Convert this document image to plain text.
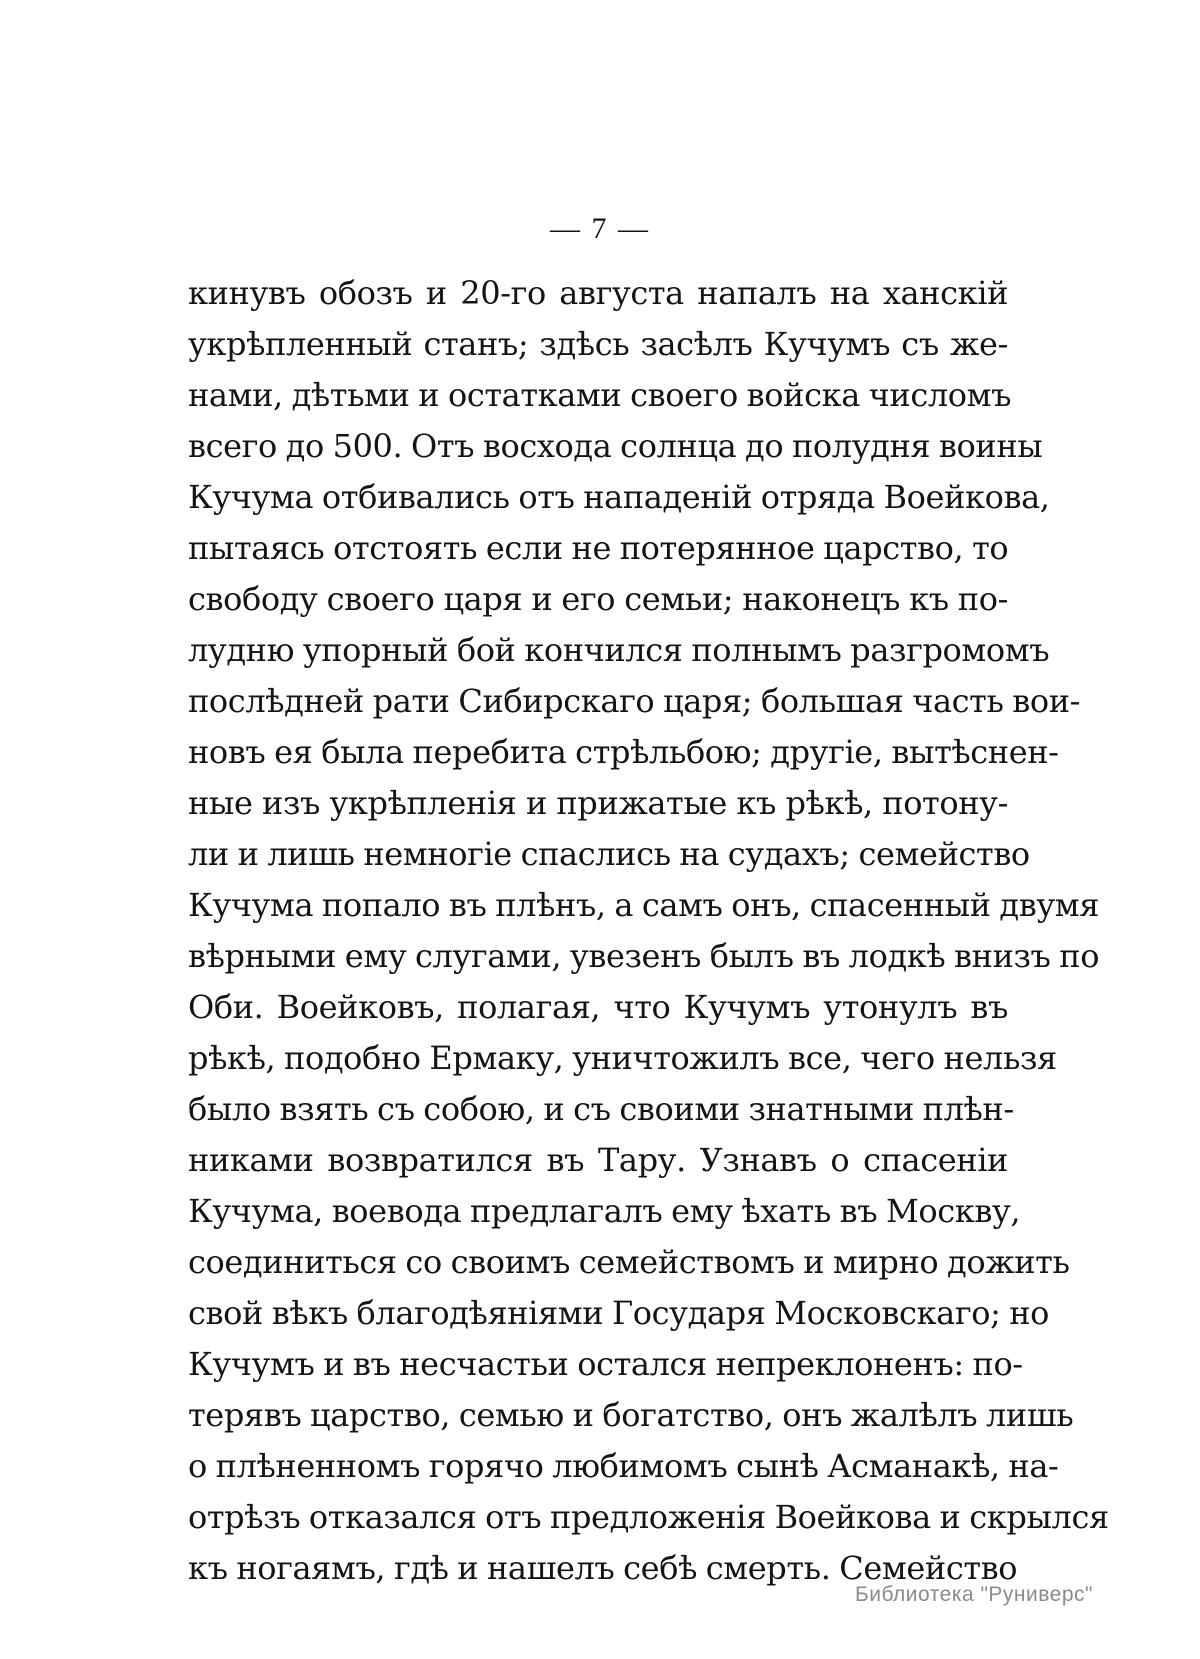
— 7 —
кинувъ обозъ и 20-го августа напалъ на ханскій
укрѣпленный станъ; здѣсь засѣлъ Кучумъ съ же-
нами, дѣтьми и остатками своего войска числомъ
всего до 500. Отъ восхода солнца до полудня воины
Кучума отбивались отъ нападеній отряда Воейкова,
пытаясь отстоять если не потерянное царство, то
свободу своего царя и его семьи; наконецъ къ по-
лудню упорный бой кончился полнымъ разгромомъ
послѣдней рати Сибирскаго царя; большая часть вои-
новъ ея была перебита стрѣльбою; другіе, вытѣснен-
ные изъ укрѣпленія и прижатые къ рѣкѣ, потону-
ли и лишь немногіе спаслись на судахъ; семейство
Кучума попало въ плѣнъ, а самъ онъ, спасенный двумя
вѣрными ему слугами, увезенъ былъ въ лодкѣ внизъ по
Оби. Воейковъ, полагая, что Кучумъ утонулъ въ
рѣкѣ, подобно Ермаку, уничтожилъ все, чего нельзя
было взять съ собою, и съ своими знатными плѣн-
никами возвратился въ Тару. Узнавъ о спасеніи
Кучума, воевода предлагалъ ему ѣхать въ Москву,
соединиться со своимъ семействомъ и мирно дожить
свой вѣкъ благодѣяніями Государя Московскаго; но
Кучумъ и въ несчастьи остался непреклоненъ: по-
терявъ царство, семью и богатство, онъ жалѣлъ лишь
о плѣненномъ горячо любимомъ сынѣ Асманакѣ, на-
отрѣзъ отказался отъ предложенія Воейкова и скрылся
къ ногаямъ, гдѣ и нашелъ себѣ смерть. Семейство
Библиотека "Руниверс"
